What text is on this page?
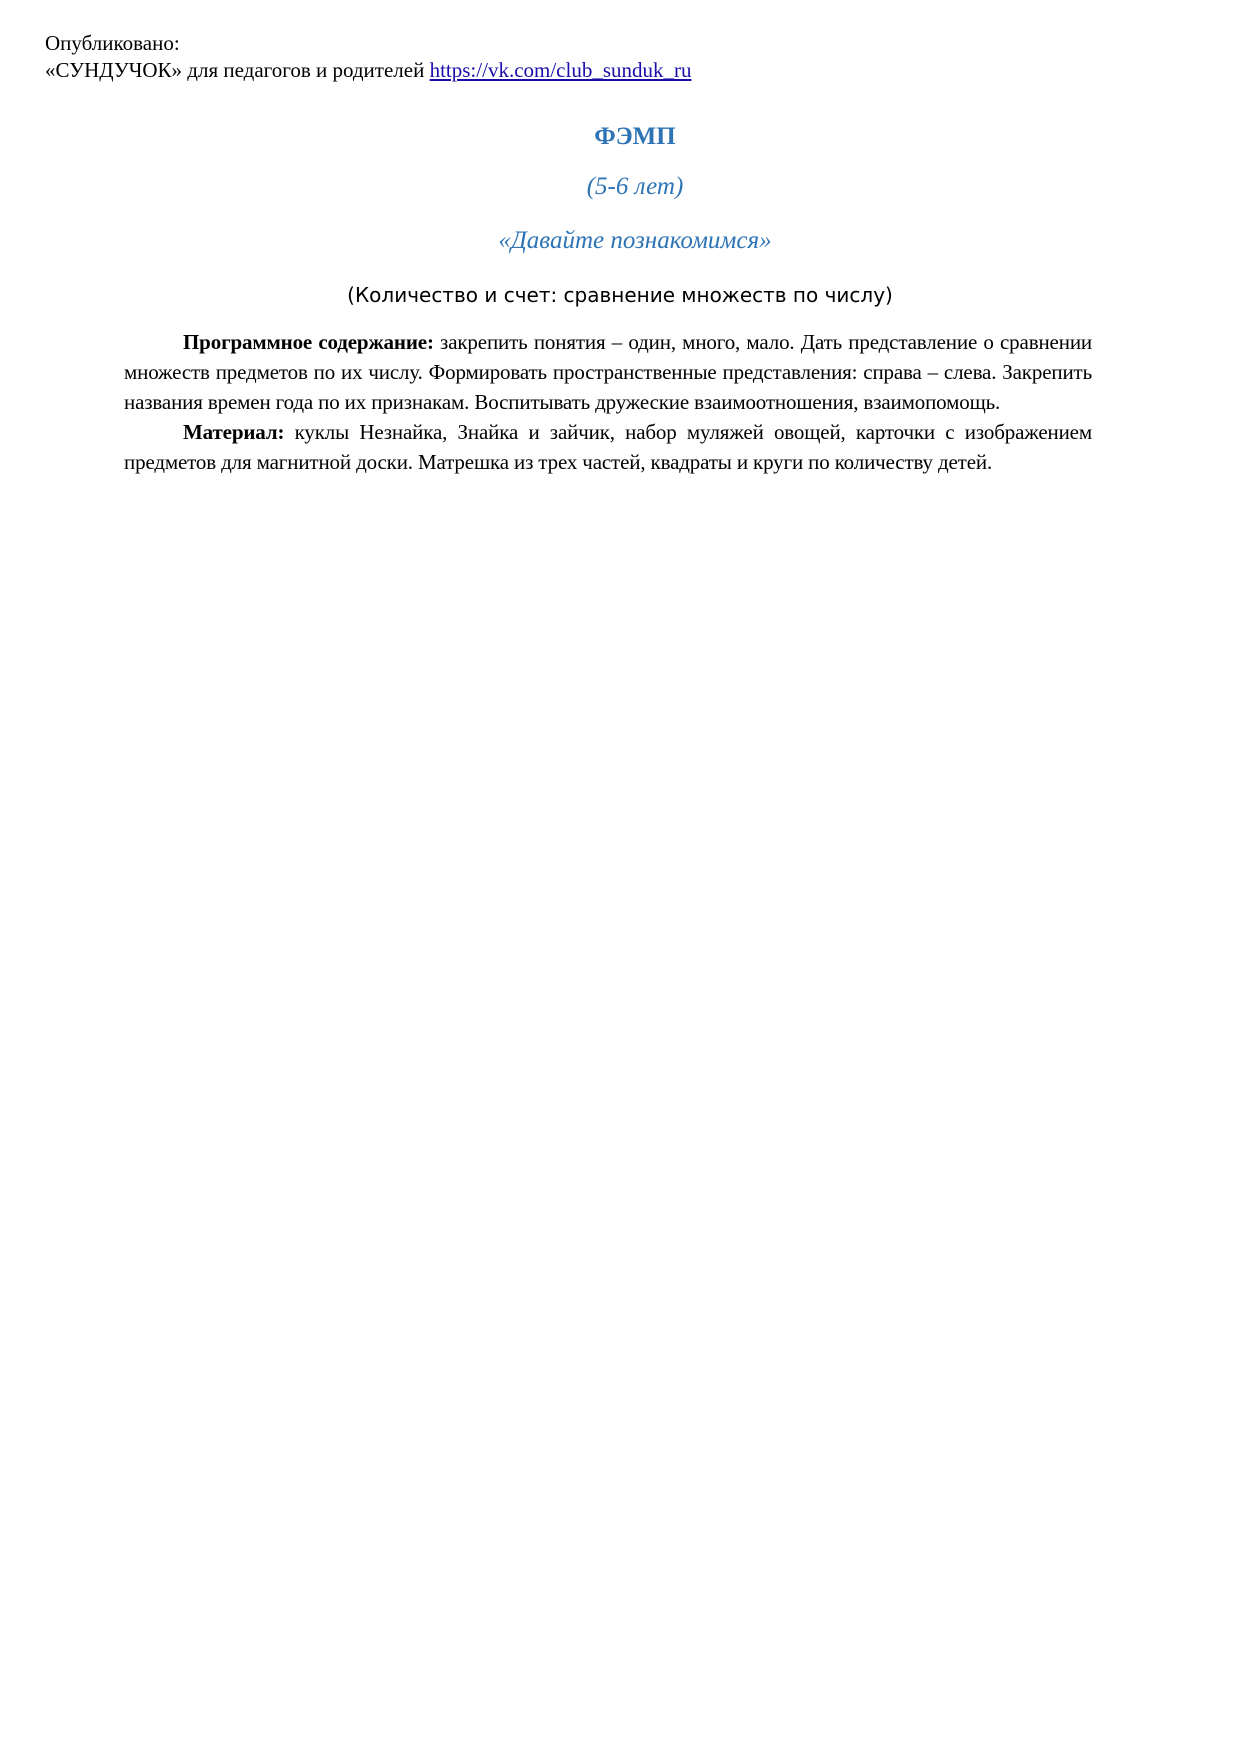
Опубликовано:
«СУНДУЧОК» для педагогов и родителей https://vk.com/club_sunduk_ru
ФЭМП
(5-6 лет)
«Давайте познакомимся»
(Количество и счет: сравнение множеств по числу)

Программное содержание: закрепить понятия – один, много, мало. Дать представление о сравнении множеств предметов по их числу. Формировать пространственные представления: справа – слева. Закрепить названия времен года по их признакам. Воспитывать дружеские взаимоотношения, взаимопомощь.

Материал: куклы Незнайка, Знайка и зайчик, набор муляжей овощей, карточки с изображением предметов для магнитной доски. Матрешка из трех частей, квадраты и круги по количеству детей.
